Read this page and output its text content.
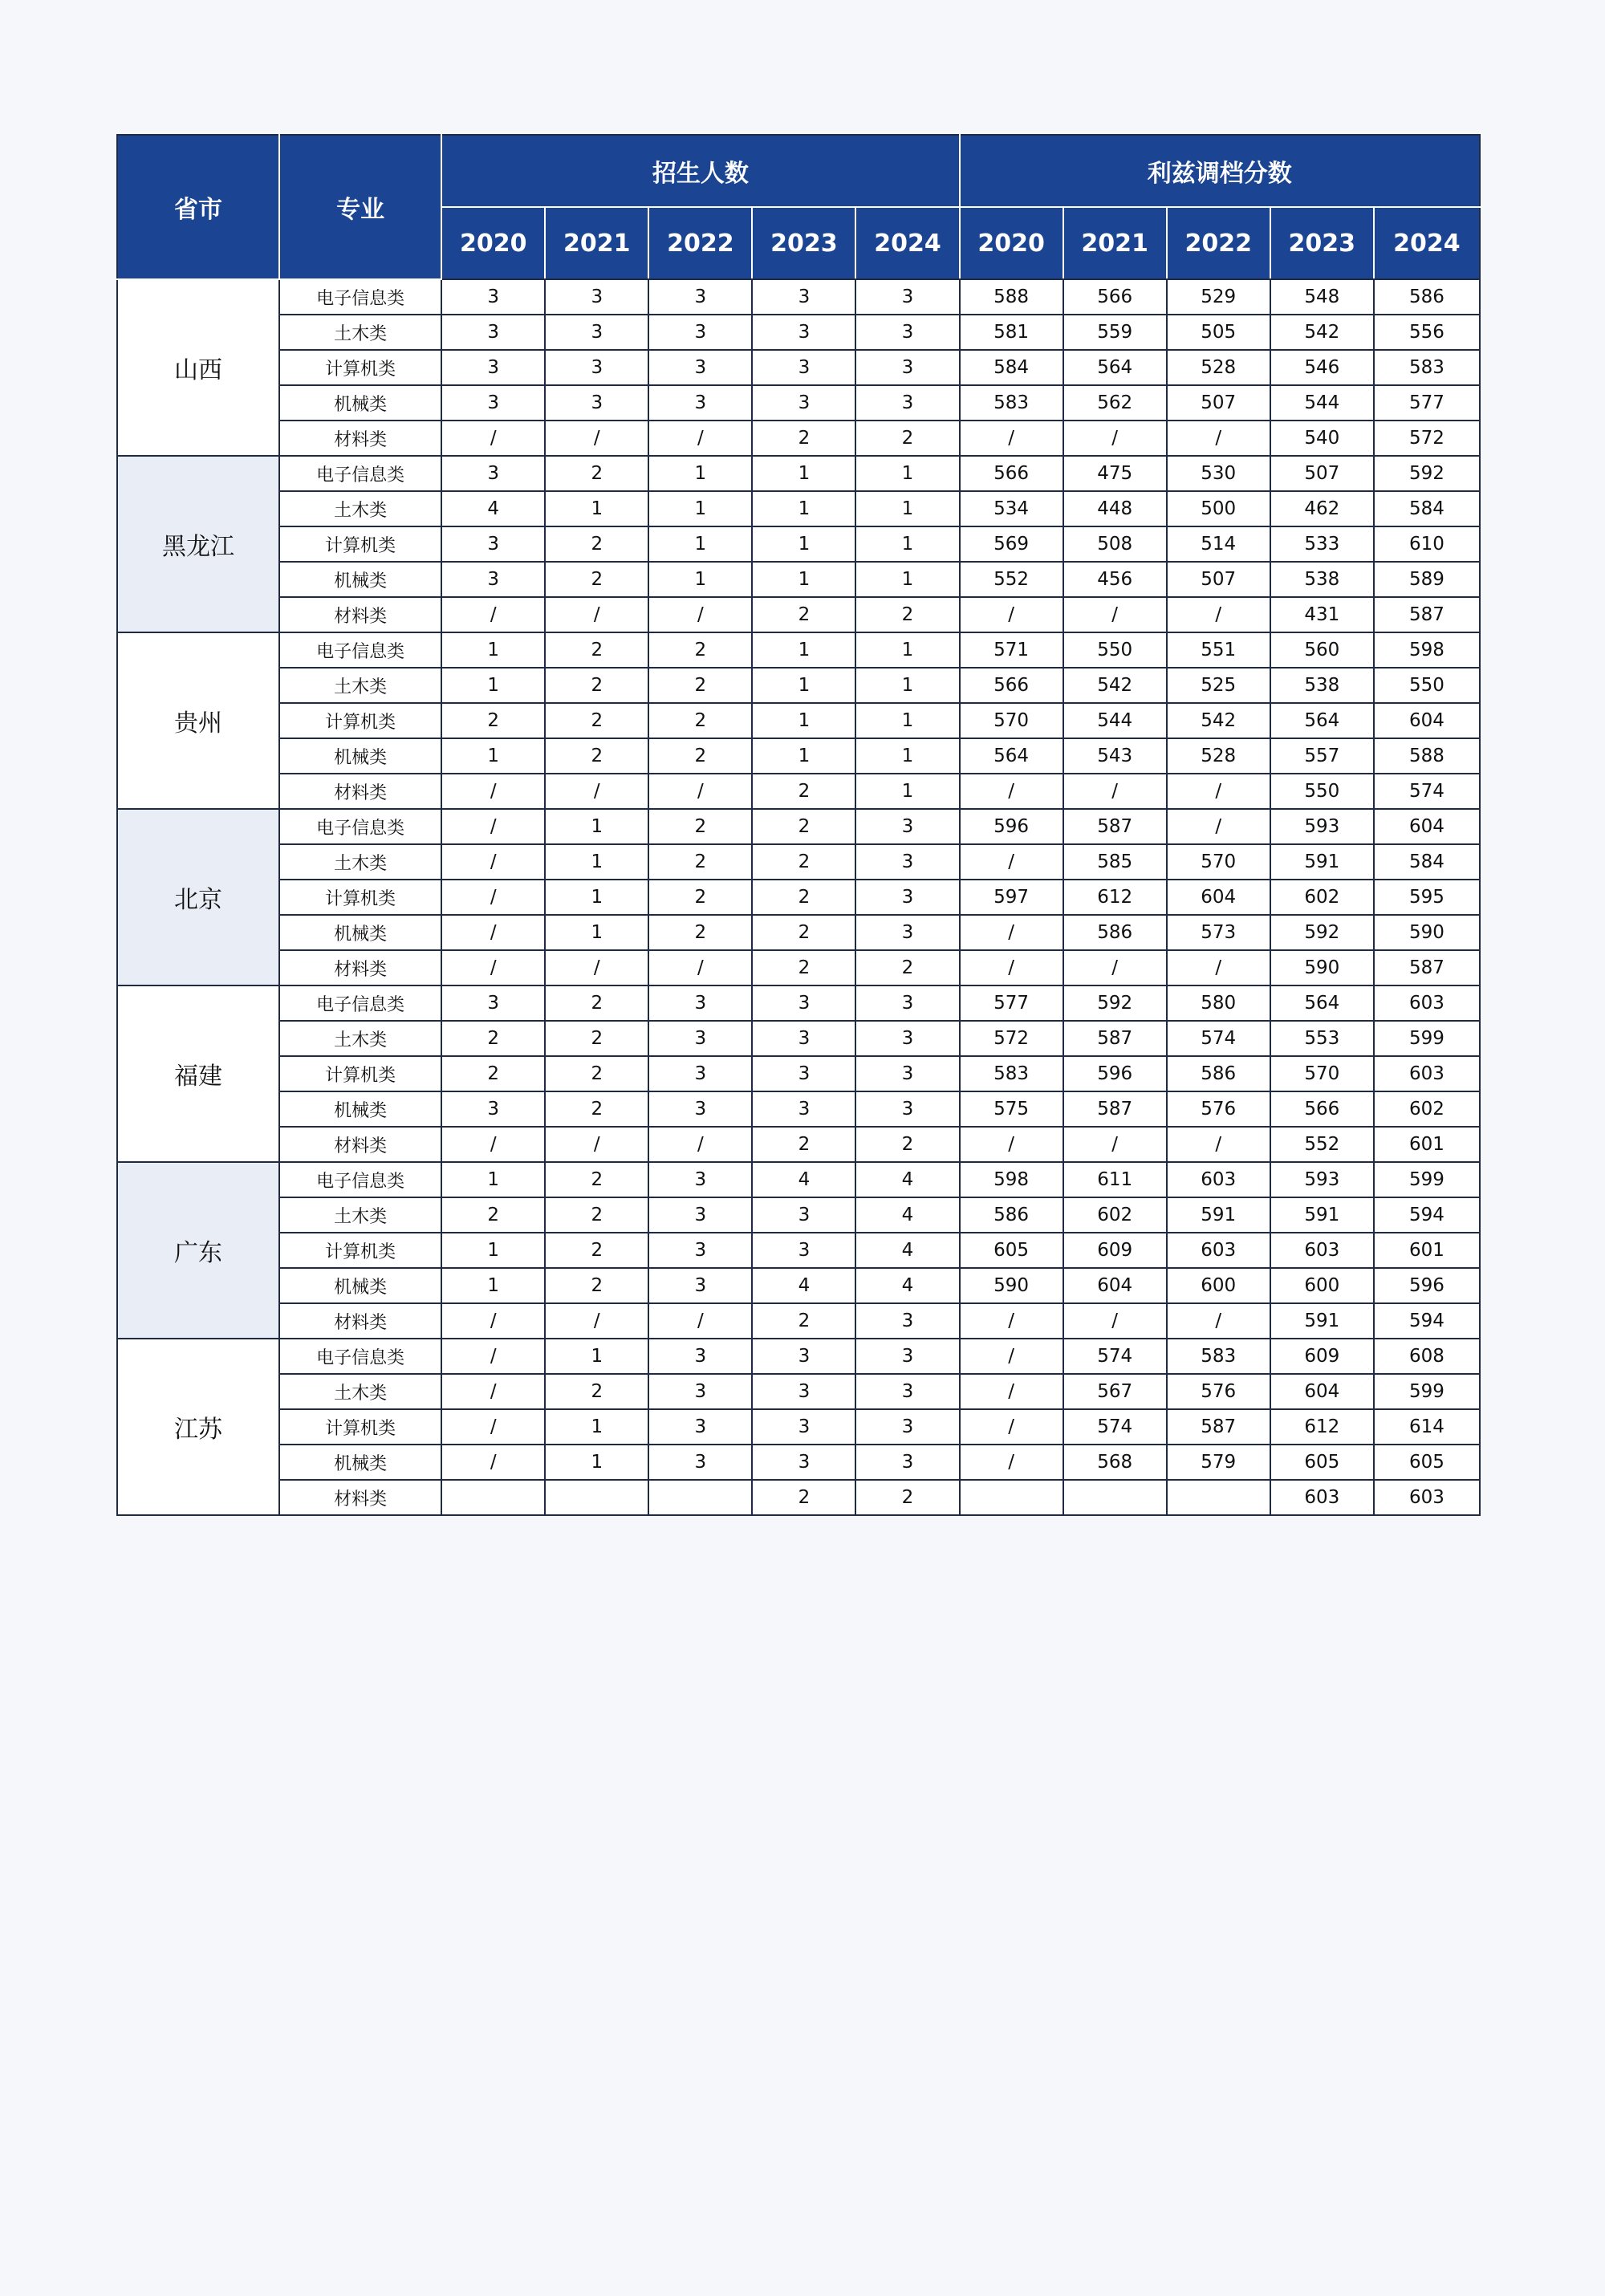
省市	专业	招生人数					利兹调档分数				
		2020	2021	2022	2023	2024	2020	2021	2022	2023	2024
山西	电子信息类	3	3	3	3	3	588	566	529	548	586
	土木类	3	3	3	3	3	581	559	505	542	556
	计算机类	3	3	3	3	3	584	564	528	546	583
	机械类	3	3	3	3	3	583	562	507	544	577
	材料类	/	/	/	2	2	/	/	/	540	572
黑龙江	电子信息类	3	2	1	1	1	566	475	530	507	592
	土木类	4	1	1	1	1	534	448	500	462	584
	计算机类	3	2	1	1	1	569	508	514	533	610
	机械类	3	2	1	1	1	552	456	507	538	589
	材料类	/	/	/	2	2	/	/	/	431	587
贵州	电子信息类	1	2	2	1	1	571	550	551	560	598
	土木类	1	2	2	1	1	566	542	525	538	550
	计算机类	2	2	2	1	1	570	544	542	564	604
	机械类	1	2	2	1	1	564	543	528	557	588
	材料类	/	/	/	2	1	/	/	/	550	574
北京	电子信息类	/	1	2	2	3	596	587	/	593	604
	土木类	/	1	2	2	3	/	585	570	591	584
	计算机类	/	1	2	2	3	597	612	604	602	595
	机械类	/	1	2	2	3	/	586	573	592	590
	材料类	/	/	/	2	2	/	/	/	590	587
福建	电子信息类	3	2	3	3	3	577	592	580	564	603
	土木类	2	2	3	3	3	572	587	574	553	599
	计算机类	2	2	3	3	3	583	596	586	570	603
	机械类	3	2	3	3	3	575	587	576	566	602
	材料类	/	/	/	2	2	/	/	/	552	601
广东	电子信息类	1	2	3	4	4	598	611	603	593	599
	土木类	2	2	3	3	4	586	602	591	591	594
	计算机类	1	2	3	3	4	605	609	603	603	601
	机械类	1	2	3	4	4	590	604	600	600	596
	材料类	/	/	/	2	3	/	/	/	591	594
江苏	电子信息类	/	1	3	3	3	/	574	583	609	608
	土木类	/	2	3	3	3	/	567	576	604	599
	计算机类	/	1	3	3	3	/	574	587	612	614
	机械类	/	1	3	3	3	/	568	579	605	605
	材料类				2	2				603	603
